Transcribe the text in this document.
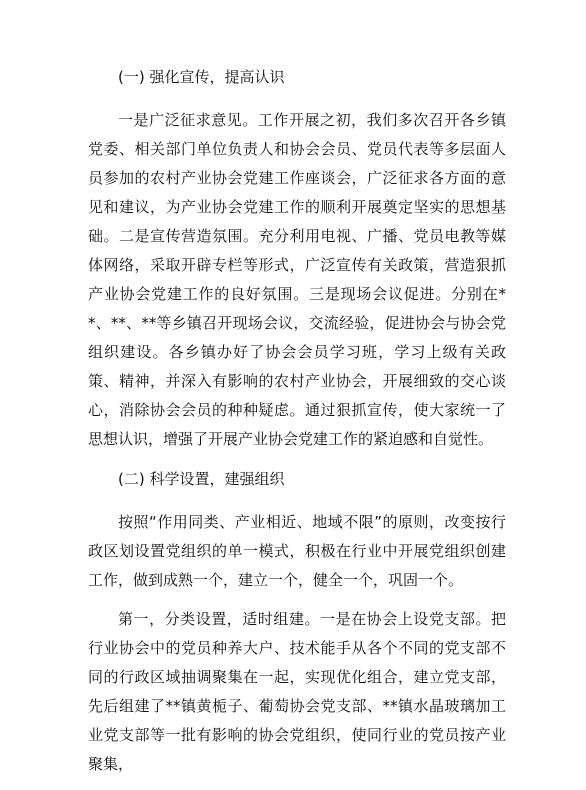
(一) 强化宣传，提高认识

一是广泛征求意见。工作开展之初，我们多次召开各乡镇党委、相关部门单位负责人和协会会员、党员代表等多层面人员参加的农村产业协会党建工作座谈会，广泛征求各方面的意见和建议，为产业协会党建工作的顺利开展奠定坚实的思想基础。二是宣传营造氛围。充分利用电视、广播、党员电教等媒体网络，采取开辟专栏等形式，广泛宣传有关政策，营造狠抓产业协会党建工作的良好氛围。三是现场会议促进。分别在**、**、**等乡镇召开现场会议，交流经验，促进协会与协会党组织建设。各乡镇办好了协会会员学习班，学习上级有关政策、精神，并深入有影响的农村产业协会，开展细致的交心谈心，消除协会会员的种种疑虑。通过狠抓宣传，使大家统一了思想认识，增强了开展产业协会党建工作的紧迫感和自觉性。

(二) 科学设置，建强组织

按照“作用同类、产业相近、地域不限”的原则，改变按行政区划设置党组织的单一模式，积极在行业中开展党组织创建工作，做到成熟一个，建立一个，健全一个，巩固一个。

第一，分类设置，适时组建。一是在协会上设党支部。把行业协会中的党员种养大户、技术能手从各个不同的党支部不同的行政区域抽调聚集在一起，实现优化组合，建立党支部，先后组建了**镇黄栀子、葡萄协会党支部、**镇水晶玻璃加工业党支部等一批有影响的协会党组织，使同行业的党员按产业聚集，
